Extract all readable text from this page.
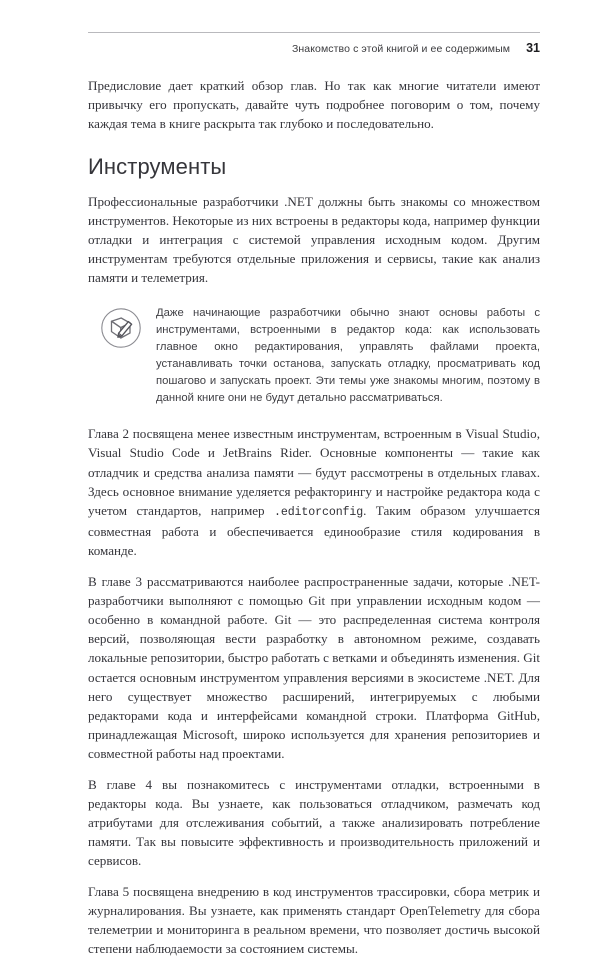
Знакомство с этой книгой и ее содержимым 31

Предисловие дает краткий обзор глав. Но так как многие читатели имеют привычку его пропускать, давайте чуть подробнее поговорим о том, почему каждая тема в книге раскрыта так глубоко и последовательно.

Инструменты

Профессиональные разработчики .NET должны быть знакомы со множеством инструментов. Некоторые из них встроены в редакторы кода, например функции отладки и интеграция с системой управления исходным кодом. Другим инструментам требуются отдельные приложения и сервисы, такие как анализ памяти и телеметрия.

Даже начинающие разработчики обычно знают основы работы с инструментами, встроенными в редактор кода: как использовать главное окно редактирования, управлять файлами проекта, устанавливать точки останова, запускать отладку, просматривать код пошагово и запускать проект. Эти темы уже знакомы многим, поэтому в данной книге они не будут детально рассматриваться.

Глава 2 посвящена менее известным инструментам, встроенным в Visual Studio, Visual Studio Code и JetBrains Rider. Основные компоненты — такие как отладчик и средства анализа памяти — будут рассмотрены в отдельных главах. Здесь основное внимание уделяется рефакторингу и настройке редактора кода с учетом стандартов, например .editorconfig. Таким образом улучшается совместная работа и обеспечивается единообразие стиля кодирования в команде.

В главе 3 рассматриваются наиболее распространенные задачи, которые .NET-разработчики выполняют с помощью Git при управлении исходным кодом — особенно в командной работе. Git — это распределенная система контроля версий, позволяющая вести разработку в автономном режиме, создавать локальные репозитории, быстро работать с ветками и объединять изменения. Git остается основным инструментом управления версиями в экосистеме .NET. Для него существует множество расширений, интегрируемых с любыми редакторами кода и интерфейсами командной строки. Платформа GitHub, принадлежащая Microsoft, широко используется для хранения репозиториев и совместной работы над проектами.

В главе 4 вы познакомитесь с инструментами отладки, встроенными в редакторы кода. Вы узнаете, как пользоваться отладчиком, размечать код атрибутами для отслеживания событий, а также анализировать потребление памяти. Так вы повысите эффективность и производительность приложений и сервисов.

Глава 5 посвящена внедрению в код инструментов трассировки, сбора метрик и журналирования. Вы узнаете, как применять стандарт OpenTelemetry для сбора телеметрии и мониторинга в реальном времени, что позволяет достичь высокой степени наблюдаемости за состоянием системы.
